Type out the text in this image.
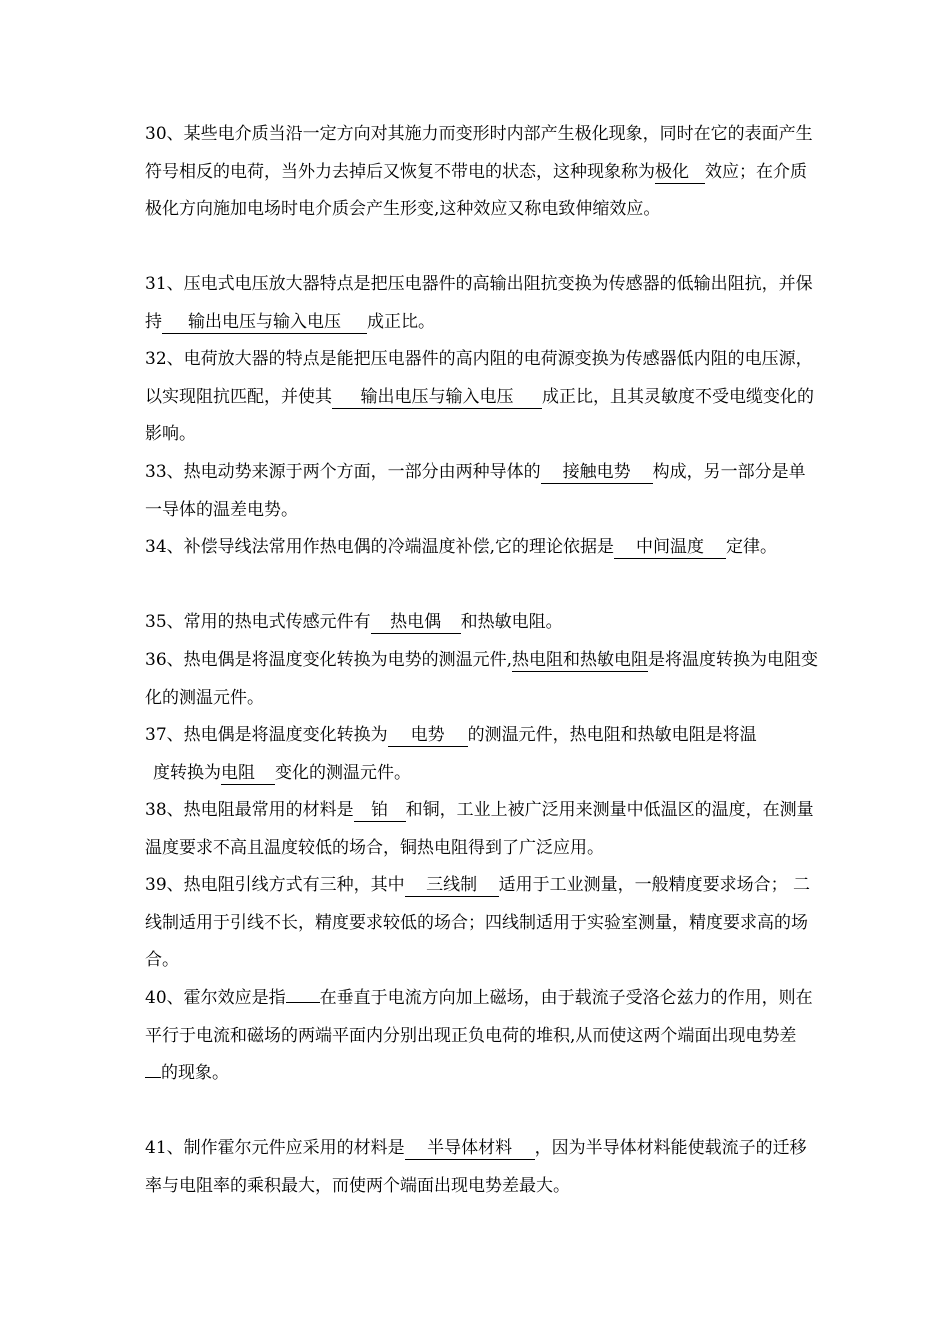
30、某些电介质当沿一定方向对其施力而变形时内部产生极化现象，同时在它的表面产生符号相反的电荷，当外力去掉后又恢复不带电的状态，这种现象称为极化效应；在介质极化方向施加电场时电介质会产生形变,这种效应又称电致伸缩效应。

31、压电式电压放大器特点是把压电器件的高输出阻抗变换为传感器的低输出阻抗，并保持 输出电压与输入电压 成正比。

32、电荷放大器的特点是能把压电器件的高内阻的电荷源变换为传感器低内阻的电压源，以实现阻抗匹配，并使其 输出电压与输入电压 成正比，且其灵敏度不受电缆变化的影响。

33、热电动势来源于两个方面，一部分由两种导体的 接触电势 构成，另一部分是单一导体的温差电势。

34、补偿导线法常用作热电偶的冷端温度补偿,它的理论依据是 中间温度 定律。

35、常用的热电式传感元件有 热电偶 和热敏电阻。

36、热电偶是将温度变化转换为电势的测温元件,热电阻和热敏电阻是将温度转换为电阻变化的测温元件。

37、热电偶是将温度变化转换为 电势 的测温元件，热电阻和热敏电阻是将温
度转换为电阻变化的测温元件。

38、热电阻最常用的材料是 铂 和铜，工业上被广泛用来测量中低温区的温度，在测量温度要求不高且温度较低的场合，铜热电阻得到了广泛应用。

39、热电阻引线方式有三种，其中 三线制 适用于工业测量，一般精度要求场合； 二线制适用于引线不长，精度要求较低的场合；四线制适用于实验室测量，精度要求高的场合。

40、霍尔效应是指 在垂直于电流方向加上磁场，由于载流子受洛仑兹力的作用，则在平行于电流和磁场的两端平面内分别出现正负电荷的堆积,从而使这两个端面出现电势差
的现象。

41、制作霍尔元件应采用的材料是 半导体材料 ，因为半导体材料能使载流子的迁移率与电阻率的乘积最大，而使两个端面出现电势差最大。
